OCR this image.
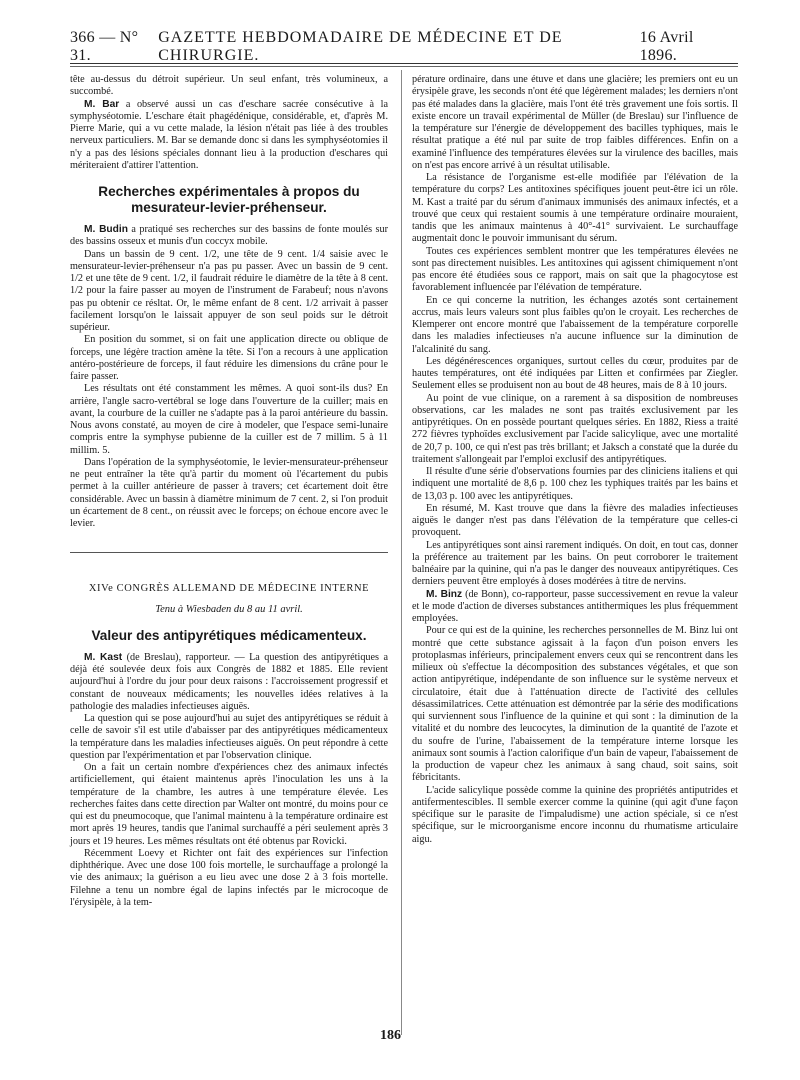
366 — N° 31.
GAZETTE HEBDOMADAIRE DE MÉDECINE ET DE CHIRURGIE.
16 Avril 1896.

tête au-dessus du détroit supérieur. Un seul enfant, très volumineux, a succombé.

M. Bar a observé aussi un cas d'eschare sacrée consécutive à la symphyséotomie. L'eschare était phagédénique, considérable, et, d'après M. Pierre Marie, qui a vu cette malade, la lésion n'était pas liée à des troubles nerveux particuliers. M. Bar se demande donc si dans les symphyséotomies il n'y a pas des lésions spéciales donnant lieu à la production d'eschares qui mériteraient d'attirer l'attention.

Recherches expérimentales à propos du mesurateur-levier-préhenseur.

M. Budin a pratiqué ses recherches sur des bassins de fonte moulés sur des bassins osseux et munis d'un coccyx mobile.

Dans un bassin de 9 cent. 1/2, une tête de 9 cent. 1/4 saisie avec le mensurateur-levier-préhenseur n'a pas pu passer. Avec un bassin de 9 cent. 1/2 et une tête de 9 cent. 1/2, il faudrait réduire le diamètre de la tête à 8 cent. 1/2 pour la faire passer au moyen de l'instrument de Farabeuf; nous n'avons pas pu obtenir ce résltat. Or, le même enfant de 8 cent. 1/2 arrivait à passer facilement lorsqu'on le laissait appuyer de son seul poids sur le détroit supérieur.

En position du sommet, si on fait une application directe ou oblique de forceps, une légère traction amène la tête. Si l'on a recours à une application antéro-postérieure de forceps, il faut réduire les dimensions du crâne pour le faire passer.

Les résultats ont été constamment les mêmes. A quoi sont-ils dus? En arrière, l'angle sacro-vertébral se loge dans l'ouverture de la cuiller; mais en avant, la courbure de la cuiller ne s'adapte pas à la paroi antérieure du bassin. Nous avons constaté, au moyen de cire à modeler, que l'espace semi-lunaire compris entre la symphyse pubienne de la cuiller est de 7 millim. 5 à 11 millim. 5.

Dans l'opération de la symphyséotomie, le levier-mensurateur-préhenseur ne peut entraîner la tête qu'à partir du moment où l'écartement du pubis permet à la cuiller antérieure de passer à travers; cet écartement doit être considérable. Avec un bassin à diamètre minimum de 7 cent. 2, si l'on produit un écartement de 8 cent., on réussit avec le forceps; on échoue encore avec le levier.

XIVe CONGRÈS ALLEMAND DE MÉDECINE INTERNE
Tenu à Wiesbaden du 8 au 11 avril.
Valeur des antipyrétiques médicamenteux.

M. Kast (de Breslau), rapporteur. — La question des antipyrétiques a déjà été soulevée deux fois aux Congrès de 1882 et 1885. Elle revient aujourd'hui à l'ordre du jour pour deux raisons : l'accroissement progressif et constant de nouveaux médicaments; les nouvelles idées relatives à la pathologie des maladies infectieuses aiguës.

La question qui se pose aujourd'hui au sujet des antipyrétiques se réduit à celle de savoir s'il est utile d'abaisser par des antipyrétiques médicamenteux la température dans les maladies infectieuses aiguës. On peut répondre à cette question par l'expérimentation et par l'observation clinique.

On a fait un certain nombre d'expériences chez des animaux infectés artificiellement, qui étaient maintenus après l'inoculation les uns à la température de la chambre, les autres à une température élevée. Les recherches faites dans cette direction par Walter ont montré, du moins pour ce qui est du pneumocoque, que l'animal maintenu à la température ordinaire est mort après 19 heures, tandis que l'animal surchauffé a péri seulement après 3 jours et 19 heures. Les mêmes résultats ont été obtenus par Rovicki.

Récemment Loevy et Richter ont fait des expériences sur l'infection diphthérique. Avec une dose 100 fois mortelle, le surchauffage a prolongé la vie des animaux; la guérison a eu lieu avec une dose 2 à 3 fois mortelle. Filehne a tenu un nombre égal de lapins infectés par le microcoque de l'érysipèle, à la tem-

pérature ordinaire, dans une étuve et dans une glacière; les premiers ont eu un érysipèle grave, les seconds n'ont été que légèrement malades; les derniers n'ont pas été malades dans la glacière, mais l'ont été très gravement une fois sortis. Il existe encore un travail expérimental de Müller (de Breslau) sur l'influence de la température sur l'énergie de développement des bacilles typhiques, mais le résultat pratique a été nul par suite de trop faibles différences. Enfin on a examiné l'influence des températures élevées sur la virulence des bacilles, mais on n'est pas encore arrivé à un résultat utilisable.

La résistance de l'organisme est-elle modifiée par l'élévation de la température du corps? Les antitoxines spécifiques jouent peut-être ici un rôle. M. Kast a traité par du sérum d'animaux immunisés des animaux infectés, et a trouvé que ceux qui restaient soumis à une température ordinaire mouraient, tandis que les animaux maintenus à 40°-41° survivaient. Le surchauffage augmentait donc le pouvoir immunisant du sérum.

Toutes ces expériences semblent montrer que les températures élevées ne sont pas directement nuisibles. Les antitoxines qui agissent chimiquement n'ont pas encore été étudiées sous ce rapport, mais on sait que la phagocytose est favorablement influencée par l'élévation de température.

En ce qui concerne la nutrition, les échanges azotés sont certainement accrus, mais leurs valeurs sont plus faibles qu'on le croyait. Les recherches de Klemperer ont encore montré que l'abaissement de la température corporelle dans les maladies infectieuses n'a aucune influence sur la diminution de l'alcalinité du sang.

Les dégénérescences organiques, surtout celles du cœur, produites par de hautes températures, ont été indiquées par Litten et confirmées par Ziegler. Seulement elles se produisent non au bout de 48 heures, mais de 8 à 10 jours.

Au point de vue clinique, on a rarement à sa disposition de nombreuses observations, car les malades ne sont pas traités exclusivement par les antipyrétiques. On en possède pourtant quelques séries. En 1882, Riess a traité 272 fièvres typhoïdes exclusivement par l'acide salicylique, avec une mortalité de 20,7 p. 100, ce qui n'est pas très brillant; et Jaksch a constaté que la durée du traitement s'allongeait par l'emploi exclusif des antipyrétiques.

Il résulte d'une série d'observations fournies par des cliniciens italiens et qui indiquent une mortalité de 8,6 p. 100 chez les typhiques traités par les bains et de 13,03 p. 100 avec les antipyrétiques.

En résumé, M. Kast trouve que dans la fièvre des maladies infectieuses aiguës le danger n'est pas dans l'élévation de la température que celles-ci provoquent.

Les antipyrétiques sont ainsi rarement indiqués. On doit, en tout cas, donner la préférence au traitement par les bains. On peut corroborer le traitement balnéaire par la quinine, qui n'a pas le danger des nouveaux antipyrétiques. Ces derniers peuvent être employés à doses modérées à titre de nervins.

M. Binz (de Bonn), co-rapporteur, passe successivement en revue la valeur et le mode d'action de diverses substances antithermiques les plus fréquemment employées.

Pour ce qui est de la quinine, les recherches personnelles de M. Binz lui ont montré que cette substance agissait à la façon d'un poison envers les protoplasmas inférieurs, principalement envers ceux qui se rencontrent dans les milieux où s'effectue la décomposition des substances végétales, et que son action antipyrétique, indépendante de son influence sur le système nerveux et circulatoire, était due à l'atténuation directe de l'activité des cellules désassimilatrices. Cette atténuation est démontrée par la série des modifications qui surviennent sous l'influence de la quinine et qui sont : la diminution de la vitalité et du nombre des leucocytes, la diminution de la quantité de l'azote et du soufre de l'urine, l'abaissement de la température interne lorsque les animaux sont soumis à l'action calorifique d'un bain de vapeur, l'abaissement de la production de vapeur chez les animaux à sang chaud, soit sains, soit fébricitants.

L'acide salicylique possède comme la quinine des propriétés antiputrides et antifermentescibles. Il semble exercer comme la quinine (qui agit d'une façon spécifique sur le parasite de l'impaludisme) une action spéciale, si ce n'est spécifique, sur le microorganisme encore inconnu du rhumatisme articulaire aigu.

186
